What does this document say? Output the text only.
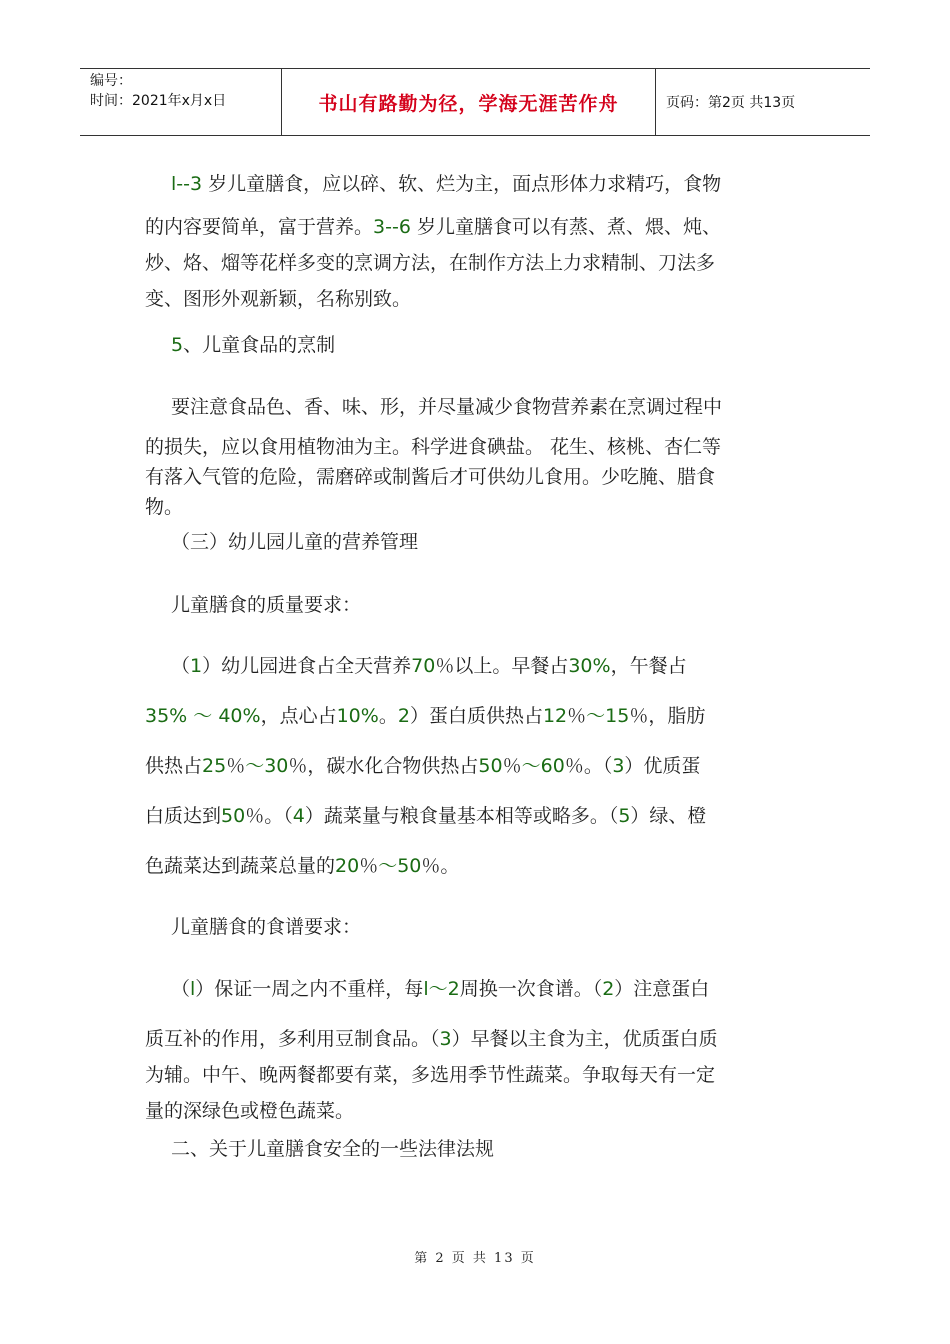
编号：
时间：2021年x月x日	书山有路勤为径，学海无涯苦作舟	页码：第2页 共13页
l--3 岁儿童膳食，应以碎、软、烂为主，面点形体力求精巧，食物
的内容要简单，富于营养。3--6 岁儿童膳食可以有蒸、煮、煨、炖、
炒、烙、熘等花样多变的烹调方法，在制作方法上力求精制、刀法多
变、图形外观新颖，名称别致。
5、儿童食品的烹制
要注意食品色、香、味、形，并尽量减少食物营养素在烹调过程中
的损失，应以食用植物油为主。科学进食碘盐。 花生、核桃、杏仁等
有落入气管的危险，需磨碎或制酱后才可供幼儿食用。少吃腌、腊食
物。
（三）幼儿园儿童的营养管理
儿童膳食的质量要求：
（1）幼儿园进食占全天营养70％以上。早餐占30%，午餐占
35% ～ 40%，点心占10%。2）蛋白质供热占12％～15％，脂肪
供热占25％～30％，碳水化合物供热占50％～60％。（3）优质蛋
白质达到50％。（4）蔬菜量与粮食量基本相等或略多。（5）绿、橙
色蔬菜达到蔬菜总量的20％～50％。
儿童膳食的食谱要求：
（l）保证一周之内不重样，每l～2周换一次食谱。（2）注意蛋白
质互补的作用，多利用豆制食品。（3）早餐以主食为主，优质蛋白质
为辅。中午、晚两餐都要有菜，多选用季节性蔬菜。争取每天有一定
量的深绿色或橙色蔬菜。
二、关于儿童膳食安全的一些法律法规
第 2 页 共 13 页
